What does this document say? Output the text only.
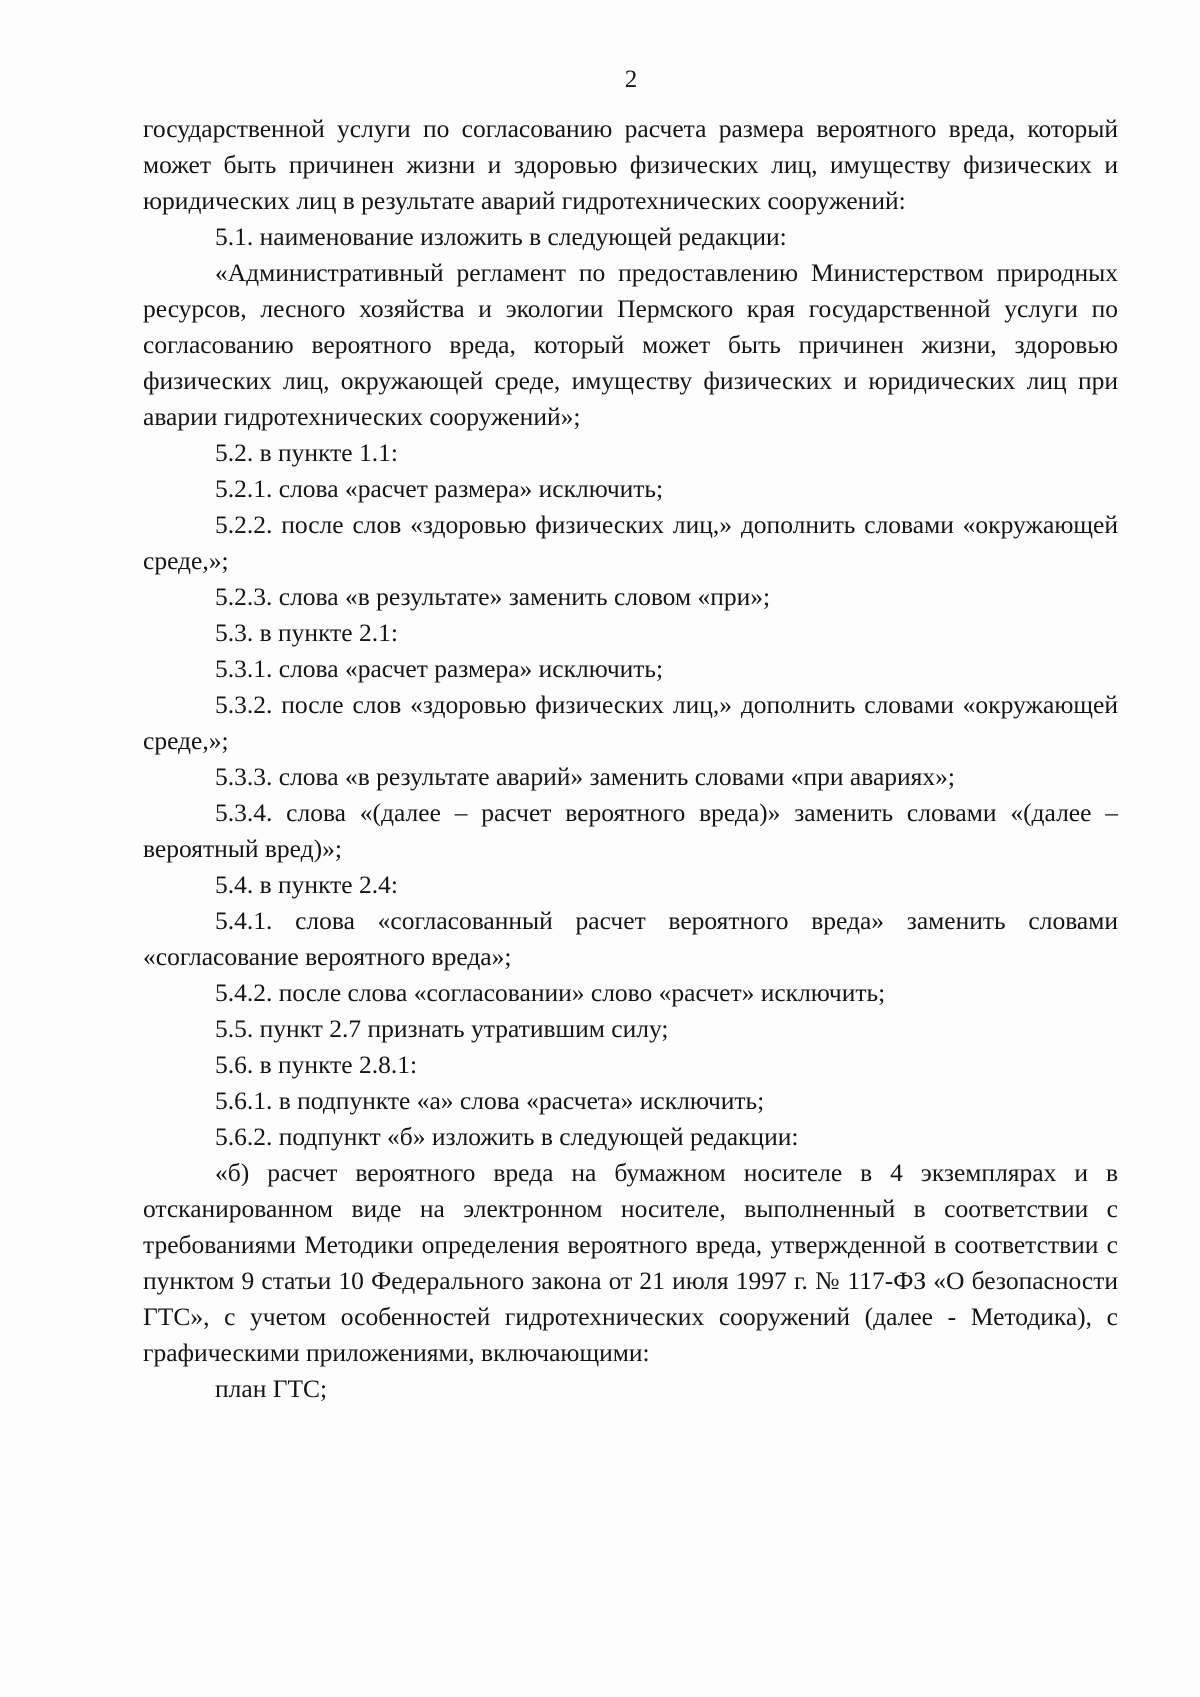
2

государственной услуги по согласованию расчета размера вероятного вреда, который может быть причинен жизни и здоровью физических лиц, имуществу физических и юридических лиц в результате аварий гидротехнических сооружений:

5.1. наименование изложить в следующей редакции:

«Административный регламент по предоставлению Министерством природных ресурсов, лесного хозяйства и экологии Пермского края государственной услуги по согласованию вероятного вреда, который может быть причинен жизни, здоровью физических лиц, окружающей среде, имуществу физических и юридических лиц при аварии гидротехнических сооружений»;

5.2. в пункте 1.1:

5.2.1. слова «расчет размера» исключить;

5.2.2. после слов «здоровью физических лиц,» дополнить словами «окружающей среде,»;

5.2.3. слова «в результате» заменить словом «при»;

5.3. в пункте 2.1:

5.3.1. слова «расчет размера» исключить;

5.3.2. после слов «здоровью физических лиц,» дополнить словами «окружающей среде,»;

5.3.3. слова «в результате аварий» заменить словами «при авариях»;

5.3.4. слова «(далее – расчет вероятного вреда)» заменить словами «(далее – вероятный вред)»;

5.4. в пункте 2.4:

5.4.1. слова «согласованный расчет вероятного вреда» заменить словами «согласование вероятного вреда»;

5.4.2. после слова «согласовании» слово «расчет» исключить;

5.5. пункт 2.7 признать утратившим силу;

5.6. в пункте 2.8.1:

5.6.1. в подпункте «а» слова «расчета» исключить;

5.6.2. подпункт «б» изложить в следующей редакции:

«б) расчет вероятного вреда на бумажном носителе в 4 экземплярах и в отсканированном виде на электронном носителе, выполненный в соответствии с требованиями Методики определения вероятного вреда, утвержденной в соответствии с пунктом 9 статьи 10 Федерального закона от 21 июля 1997 г. № 117-ФЗ «О безопасности ГТС», с учетом особенностей гидротехнических сооружений (далее - Методика), с графическими приложениями, включающими:

план ГТС;
